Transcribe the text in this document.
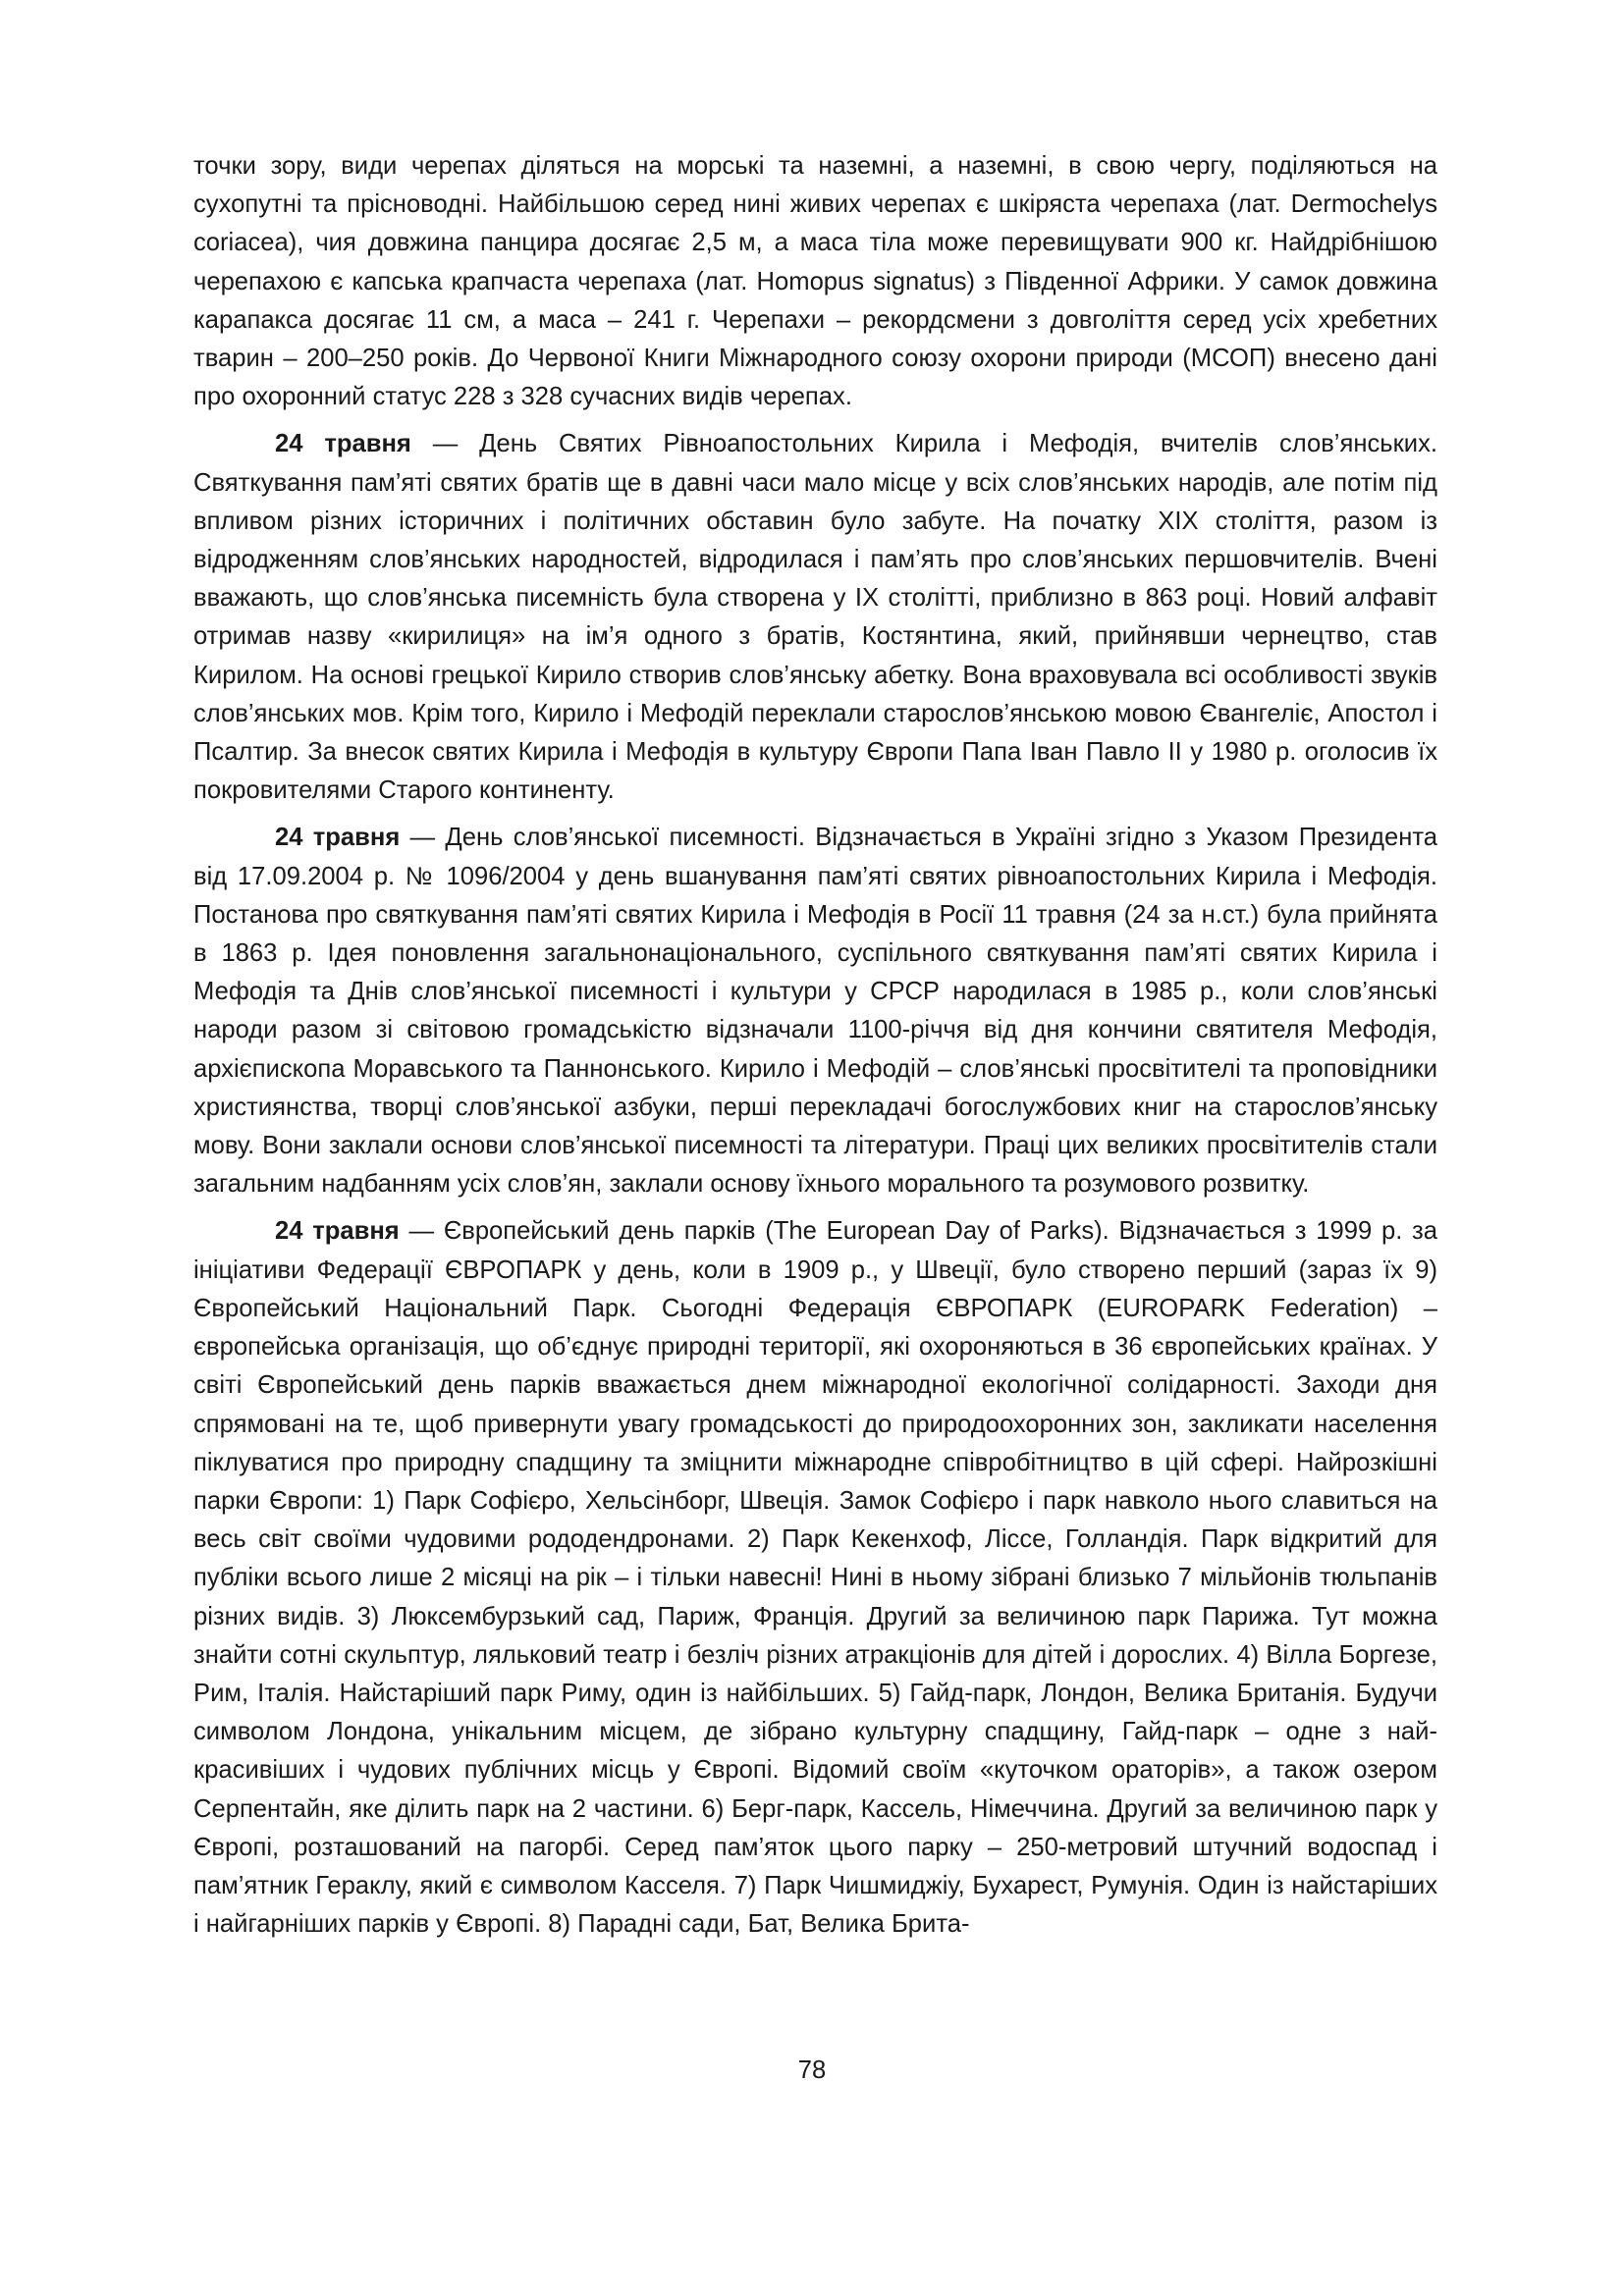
точки зору, види черепах діляться на морські та наземні, а наземні, в свою чергу, поділяються на сухопутні та прісноводні. Найбільшою серед нині живих черепах є шкіряста черепаха (лат. Dermochelys coriacea), чия довжина панцира досягає 2,5 м, а маса тіла може перевищувати 900 кг. Найдрібнішою черепахою є капська крапчаста черепаха (лат. Homopus signatus) з Південної Африки. У самок довжина карапакса досягає 11 см, а маса – 241 г. Черепахи – рекордсмени з довголіття серед усіх хребетних тварин – 200–250 років. До Червоної Книги Міжнародного союзу охорони природи (МСОП) внесено дані про охоронний статус 228 з 328 сучасних видів черепах.

24 травня — День Святих Рівноапостольних Кирила і Мефодія, вчителів слов’янських. Святкування пам’яті святих братів ще в давні часи мало місце у всіх слов’янських народів, але потім під впливом різних історичних і політичних обставин було забуте. На початку XIX століття, разом із відродженням слов’янських народностей, відродилася і пам’ять про слов’янських першовчителів. Вчені вважають, що слов’янська писемність була створена у IX столітті, приблизно в 863 році. Новий алфавіт отримав назву «кирилиця» на ім’я одного з братів, Костянтина, який, прийнявши чернецтво, став Кирилом. На основі грецької Кирило створив слов’янську абетку. Вона враховувала всі особливості звуків слов’янських мов. Крім того, Кирило і Мефодій переклали старослов’янською мовою Євангеліє, Апостол і Псалтир. За внесок святих Кирила і Мефодія в культуру Європи Папа Іван Павло II у 1980 р. оголосив їх покровителями Старого континенту.

24 травня — День слов’янської писемності. Відзначається в Україні згідно з Указом Президента від 17.09.2004 р. № 1096/2004 у день вшанування пам’яті святих рівноапостольних Кирила і Мефодія. Постанова про святкування пам’яті святих Кирила і Мефодія в Росії 11 травня (24 за н.ст.) була прийнята в 1863 р. Ідея поновлення загальнонаціонального, суспільного святкування пам’яті святих Кирила і Мефодія та Днів слов’янської писемності і культури у СРСР народилася в 1985 р., коли слов’янські народи разом зі світовою громадськістю відзначали 1100-річчя від дня кончини святителя Мефодія, архієпископа Моравського та Паннонського. Кирило і Мефодій – слов’янські просвітителі та проповідники християнства, творці слов’янської азбуки, перші перекладачі богослужбових книг на старослов’янську мову. Вони заклали основи слов’янської писемності та літератури. Праці цих великих просвітителів стали загальним надбанням усіх слов’ян, заклали основу їхнього морального та розумового розвитку.

24 травня — Європейський день парків (The European Day of Parks). Відзначається з 1999 р. за ініціативи Федерації ЄВРОПАРК у день, коли в 1909 р., у Швеції, було створено перший (зараз їх 9) Європейський Національний Парк. Сьогодні Федерація ЄВРОПАРК (EUROPARK Federation) – європейська організація, що об’єднує природні території, які охороняються в 36 європейських країнах. У світі Європейський день парків вважається днем міжнародної екологічної солідарності. Заходи дня спрямовані на те, щоб привернути увагу громадськості до природоохоронних зон, закликати населення піклуватися про природну спадщину та зміцнити міжнародне співробітництво в цій сфері. Найрозкішні парки Європи: 1) Парк Софієро, Хельсінборг, Швеція. Замок Софієро і парк навколо нього славиться на весь світ своїми чудовими рододендронами. 2) Парк Кекенхоф, Ліссе, Голландія. Парк відкритий для публіки всього лише 2 місяці на рік – і тільки навесні! Нині в ньому зібрані близько 7 мільйонів тюльпанів різних видів. 3) Люксембурзький сад, Париж, Франція. Другий за величиною парк Парижа. Тут можна знайти сотні скульптур, ляльковий театр і безліч різних атракціонів для дітей і дорослих. 4) Вілла Боргезе, Рим, Італія. Найстаріший парк Риму, один із найбільших. 5) Гайд-парк, Лондон, Велика Британія. Будучи символом Лондона, унікальним місцем, де зібрано культурну спадщину, Гайд-парк – одне з найкрасивіших і чудових публічних місць у Європі. Відомий своїм «куточком ораторів», а також озером Серпентайн, яке ділить парк на 2 частини. 6) Берг-парк, Кассель, Німеччина. Другий за величиною парк у Європі, розташований на пагорбі. Серед пам’яток цього парку – 250-метровий штучний водоспад і пам’ятник Гераклу, який є символом Касселя. 7) Парк Чишмиджіу, Бухарест, Румунія. Один із найстаріших і найгарніших парків у Європі. 8) Парадні сади, Бат, Велика Брита-

78
